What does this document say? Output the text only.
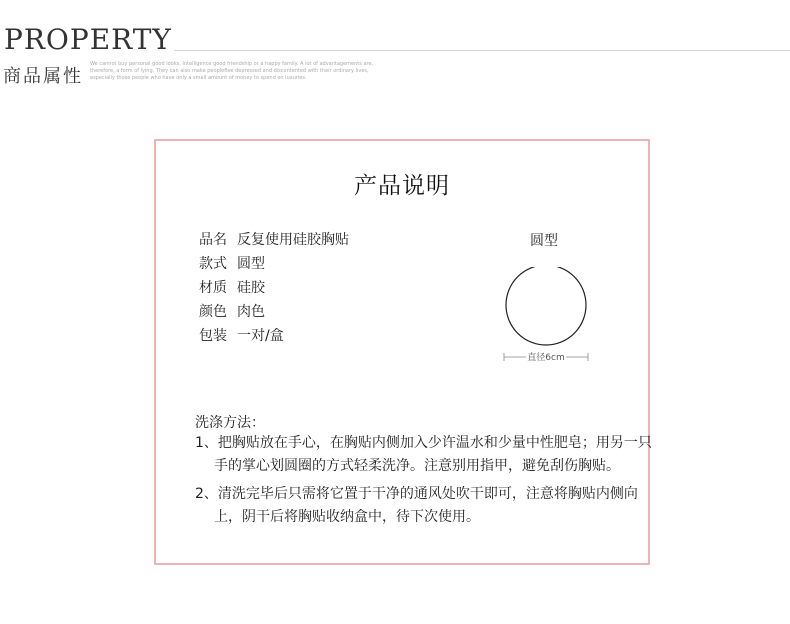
PROPERTY
商品属性
We cannot buy personal good looks, Intelligence good friendship or a happy family. A lot of advantagements are, therefore, a form of lying. They can also make peopleflee depressed and discontented with their ordinary lives, especially those people who have only a small amount of money to spend on luxuries.
产品说明
品名 反复使用硅胶胸贴
款式 圆型
材质 硅胶
颜色 肉色
包装 一对/盒
圆型
直径6cm
洗涤方法：
1、把胸贴放在手心，在胸贴内侧加入少许温水和少量中性肥皂；用另一只手的掌心划圆圈的方式轻柔洗净。注意别用指甲，避免刮伤胸贴。
2、清洗完毕后只需将它置于干净的通风处吹干即可，注意将胸贴内侧向上，阴干后将胸贴收纳盒中，待下次使用。
